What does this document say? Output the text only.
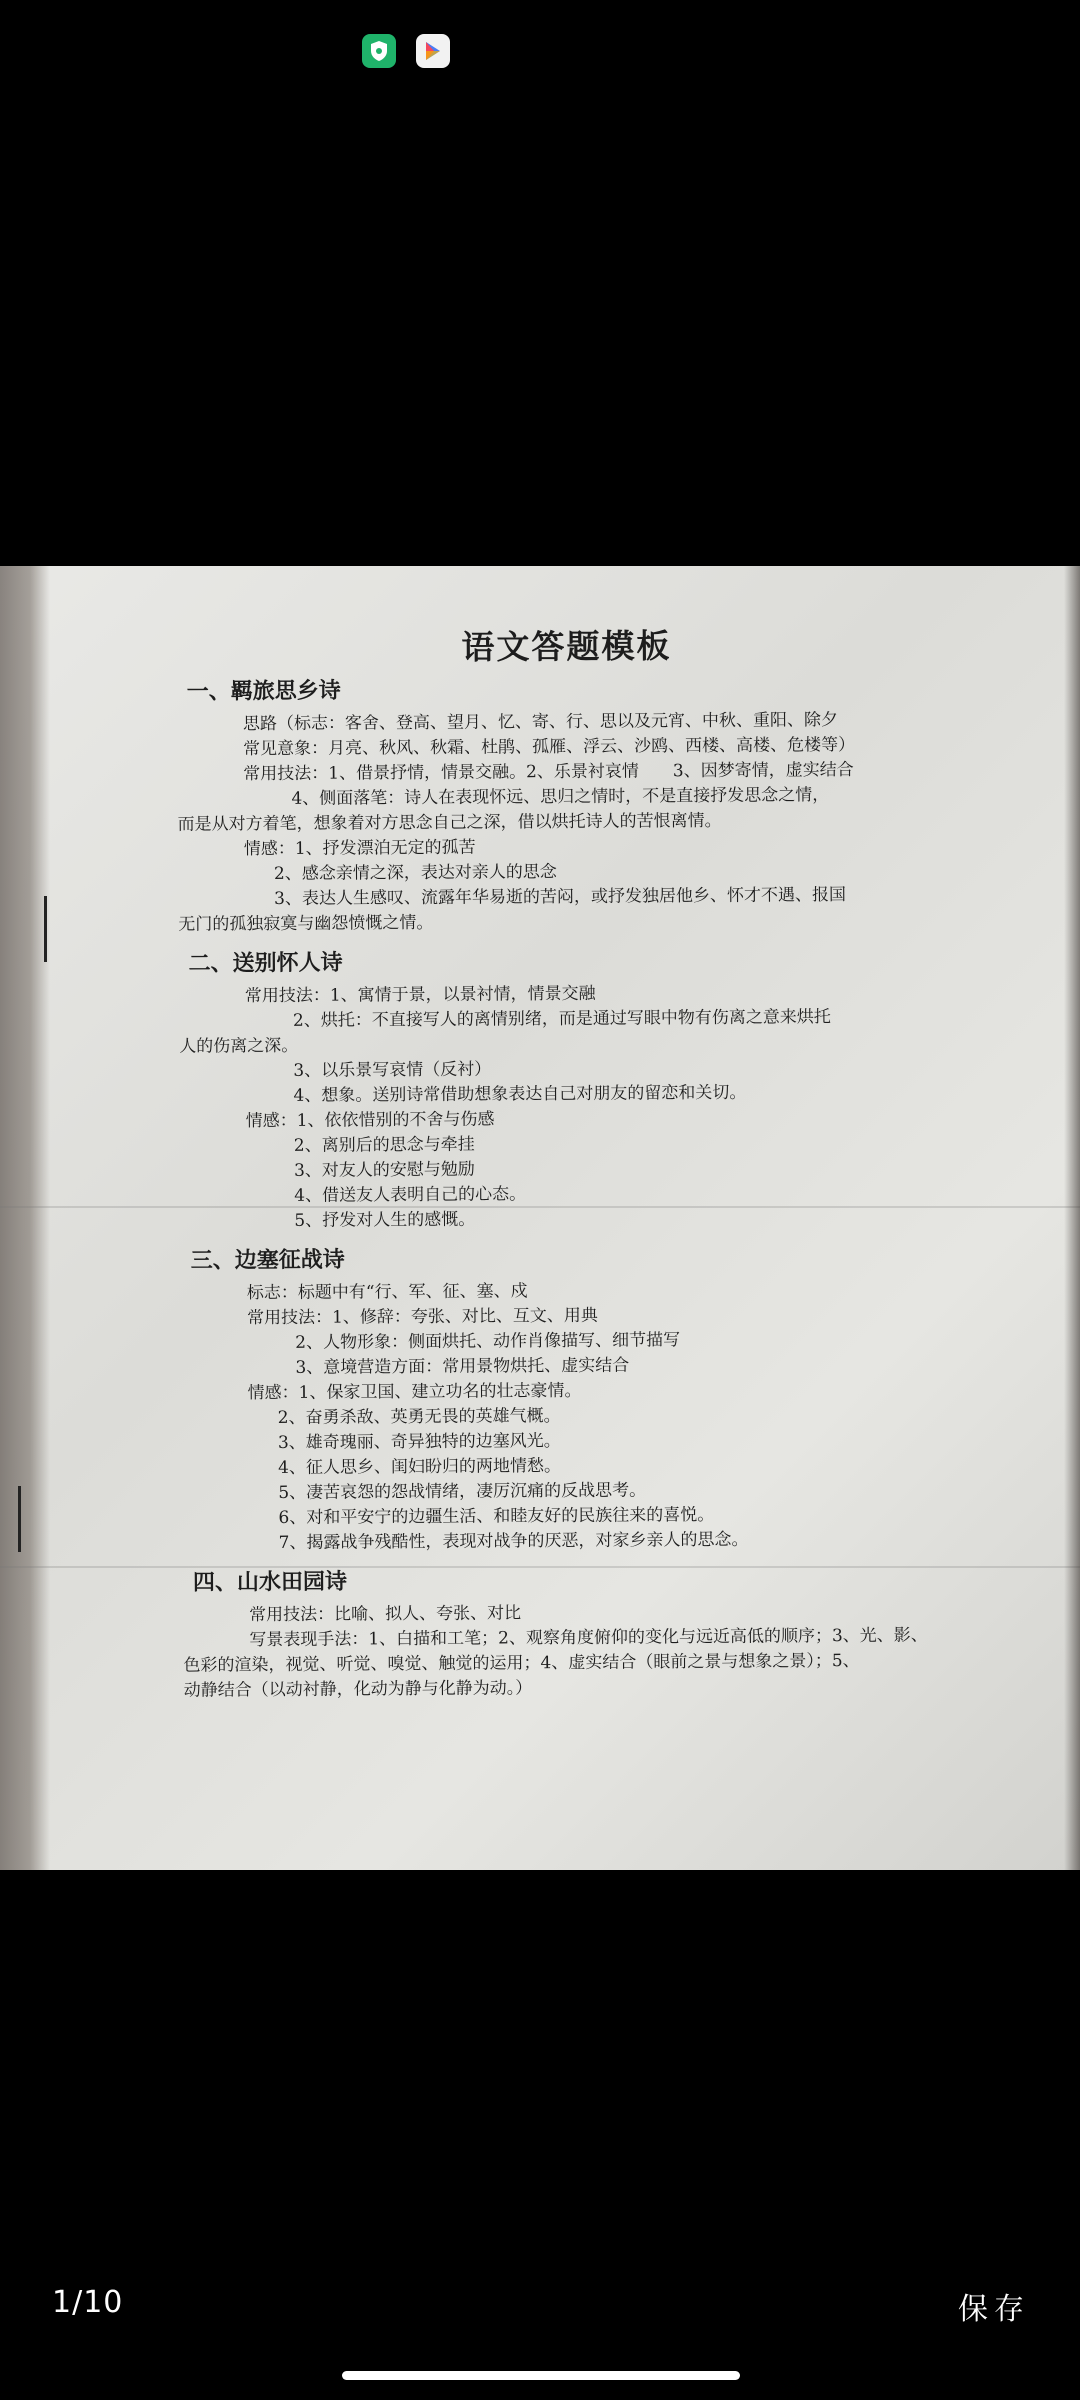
语文答题模板
一、羁旅思乡诗

思路（标志：客舍、登高、望月、忆、寄、行、思以及元宵、中秋、重阳、除夕

常见意象：月亮、秋风、秋霜、杜鹃、孤雁、浮云、沙鸥、西楼、高楼、危楼等）

常用技法：1、借景抒情，情景交融。2、乐景衬哀情　　3、因梦寄情，虚实结合

4、侧面落笔：诗人在表现怀远、思归之情时，不是直接抒发思念之情，

而是从对方着笔，想象着对方思念自己之深，借以烘托诗人的苦恨离情。

情感：1、抒发漂泊无定的孤苦

2、感念亲情之深，表达对亲人的思念

3、表达人生感叹、流露年华易逝的苦闷，或抒发独居他乡、怀才不遇、报国

无门的孤独寂寞与幽怨愤慨之情。

二、送别怀人诗

常用技法：1、寓情于景，以景衬情，情景交融

2、烘托：不直接写人的离情别绪，而是通过写眼中物有伤离之意来烘托

人的伤离之深。

3、以乐景写哀情（反衬）

4、想象。送别诗常借助想象表达自己对朋友的留恋和关切。

情感：1、依依惜别的不舍与伤感

2、离别后的思念与牵挂

3、对友人的安慰与勉励

4、借送友人表明自己的心态。

5、抒发对人生的感慨。

三、边塞征战诗

标志：标题中有“行、军、征、塞、戍

常用技法：1、修辞：夸张、对比、互文、用典

2、人物形象：侧面烘托、动作肖像描写、细节描写

3、意境营造方面：常用景物烘托、虚实结合

情感：1、保家卫国、建立功名的壮志豪情。

2、奋勇杀敌、英勇无畏的英雄气概。

3、雄奇瑰丽、奇异独特的边塞风光。

4、征人思乡、闺妇盼归的两地情愁。

5、凄苦哀怨的怨战情绪，凄厉沉痛的反战思考。

6、对和平安宁的边疆生活、和睦友好的民族往来的喜悦。

7、揭露战争残酷性，表现对战争的厌恶，对家乡亲人的思念。

四、山水田园诗

常用技法：比喻、拟人、夸张、对比

写景表现手法：1、白描和工笔；2、观察角度俯仰的变化与远近高低的顺序；3、光、影、

色彩的渲染，视觉、听觉、嗅觉、触觉的运用；4、虚实结合（眼前之景与想象之景）；5、

动静结合（以动衬静，化动为静与化静为动。）

1/10	保存
